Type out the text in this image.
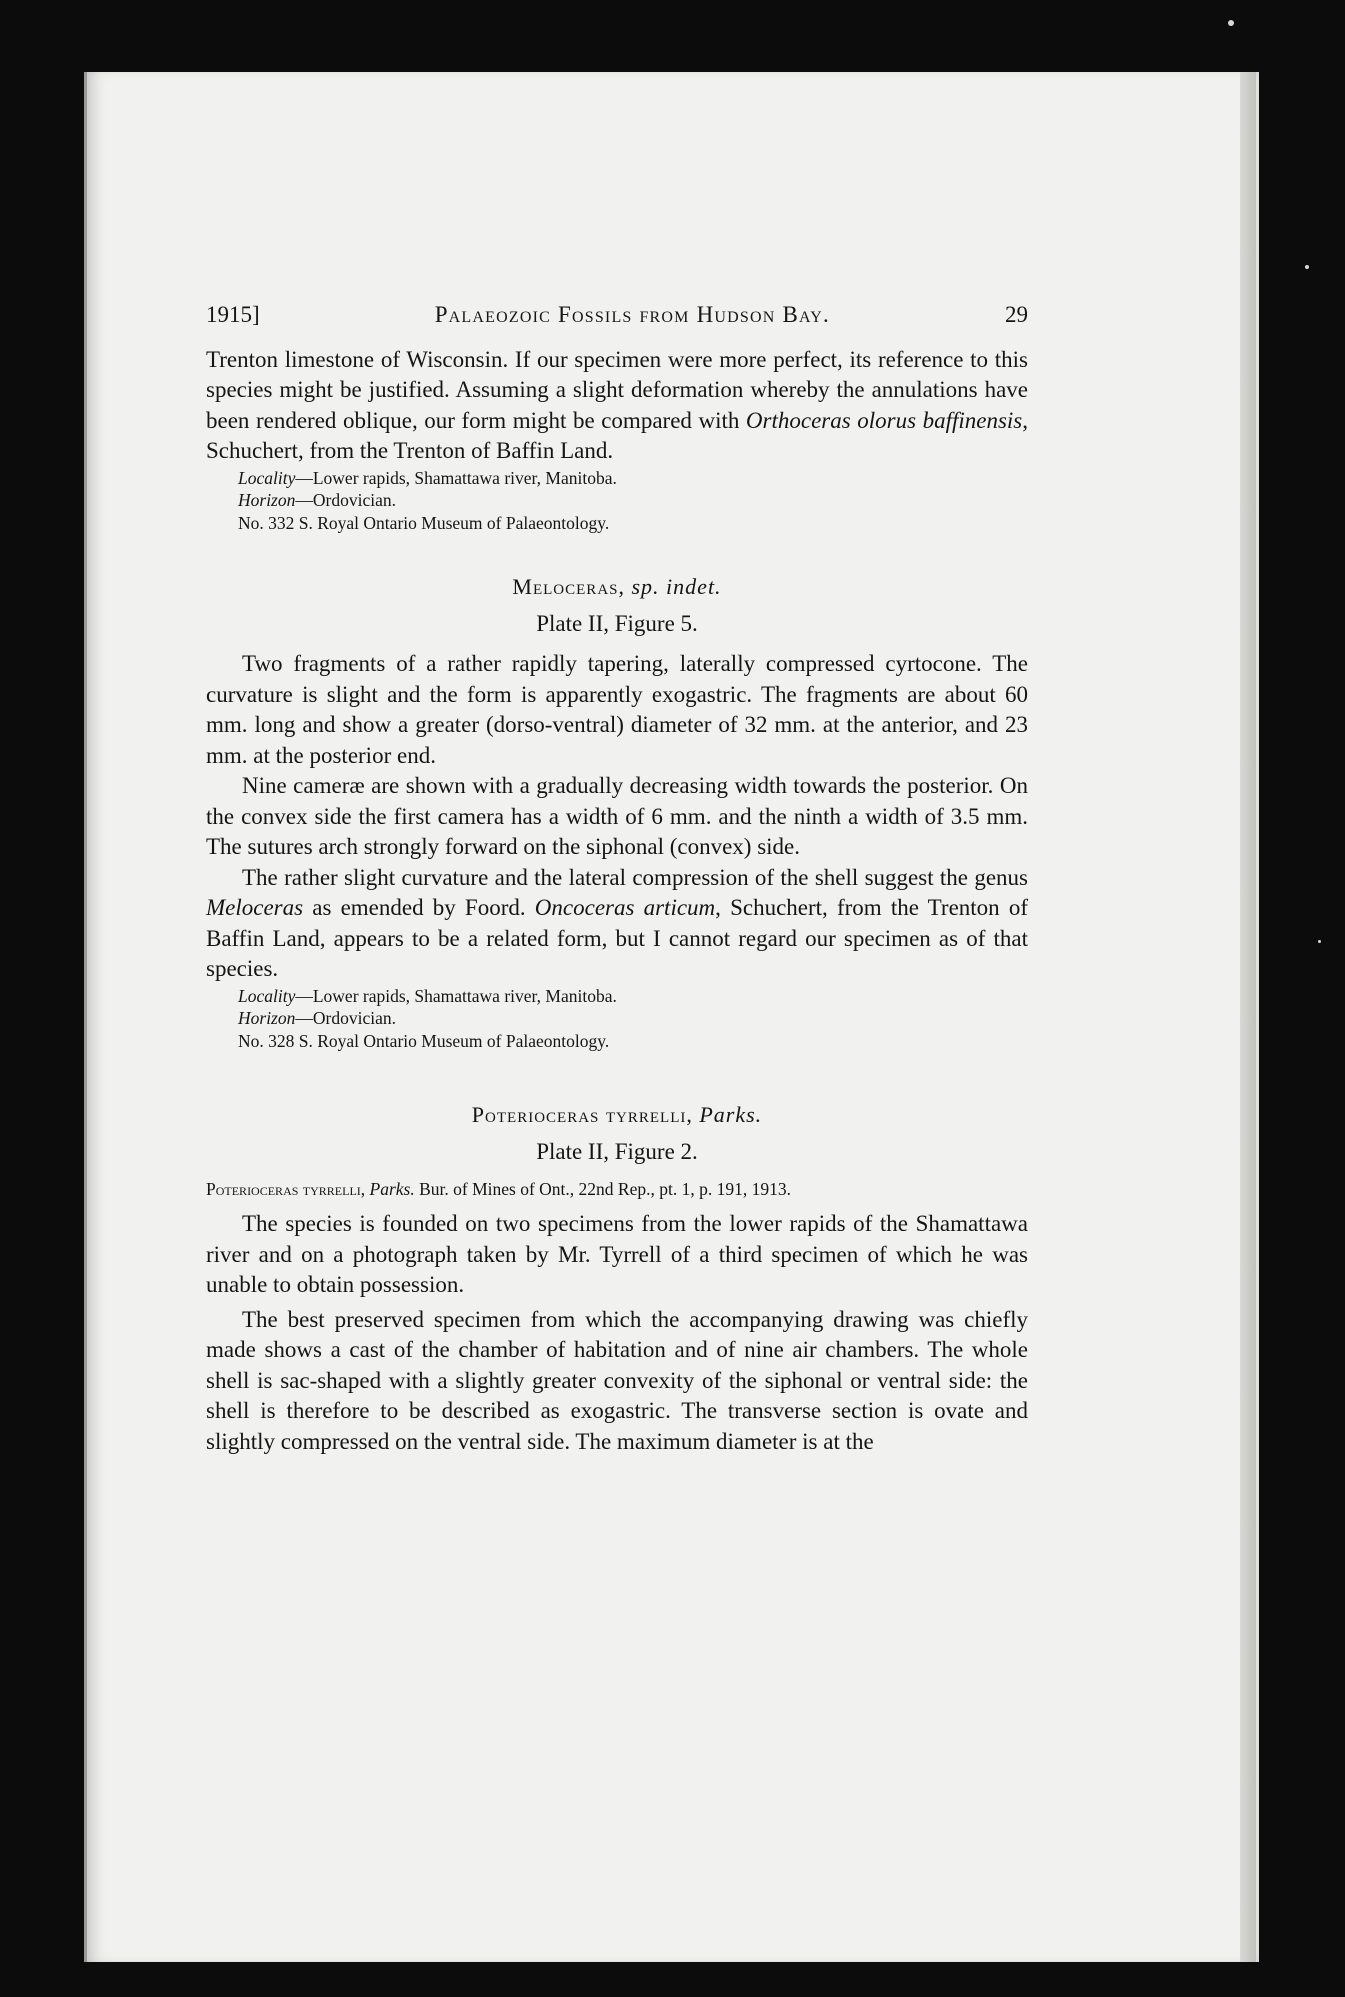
1915]	Palaeozoic Fossils from Hudson Bay.	29

Trenton limestone of Wisconsin. If our specimen were more perfect, its reference to this species might be justified. Assuming a slight deformation whereby the annulations have been rendered oblique, our form might be compared with Orthoceras olorus baffinensis, Schuchert, from the Trenton of Baffin Land.

Locality—Lower rapids, Shamattawa river, Manitoba.
Horizon—Ordovician.
No. 332 S. Royal Ontario Museum of Palaeontology.
Meloceras, sp. indet.
Plate II, Figure 5.

Two fragments of a rather rapidly tapering, laterally compressed cyrtocone. The curvature is slight and the form is apparently exogastric. The fragments are about 60 mm. long and show a greater (dorso-ventral) diameter of 32 mm. at the anterior, and 23 mm. at the posterior end.

Nine cameræ are shown with a gradually decreasing width towards the posterior. On the convex side the first camera has a width of 6 mm. and the ninth a width of 3.5 mm. The sutures arch strongly forward on the siphonal (convex) side.

The rather slight curvature and the lateral compression of the shell suggest the genus Meloceras as emended by Foord. Oncoceras articum, Schuchert, from the Trenton of Baffin Land, appears to be a related form, but I cannot regard our specimen as of that species.

Locality—Lower rapids, Shamattawa river, Manitoba.
Horizon—Ordovician.
No. 328 S. Royal Ontario Museum of Palaeontology.
Poterioceras tyrrelli, Parks.
Plate II, Figure 2.
Poterioceras tyrrelli, Parks. Bur. of Mines of Ont., 22nd Rep., pt. 1, p. 191, 1913.

The species is founded on two specimens from the lower rapids of the Shamattawa river and on a photograph taken by Mr. Tyrrell of a third specimen of which he was unable to obtain possession.

The best preserved specimen from which the accompanying drawing was chiefly made shows a cast of the chamber of habitation and of nine air chambers. The whole shell is sac-shaped with a slightly greater convexity of the siphonal or ventral side: the shell is therefore to be described as exogastric. The transverse section is ovate and slightly compressed on the ventral side. The maximum diameter is at the
